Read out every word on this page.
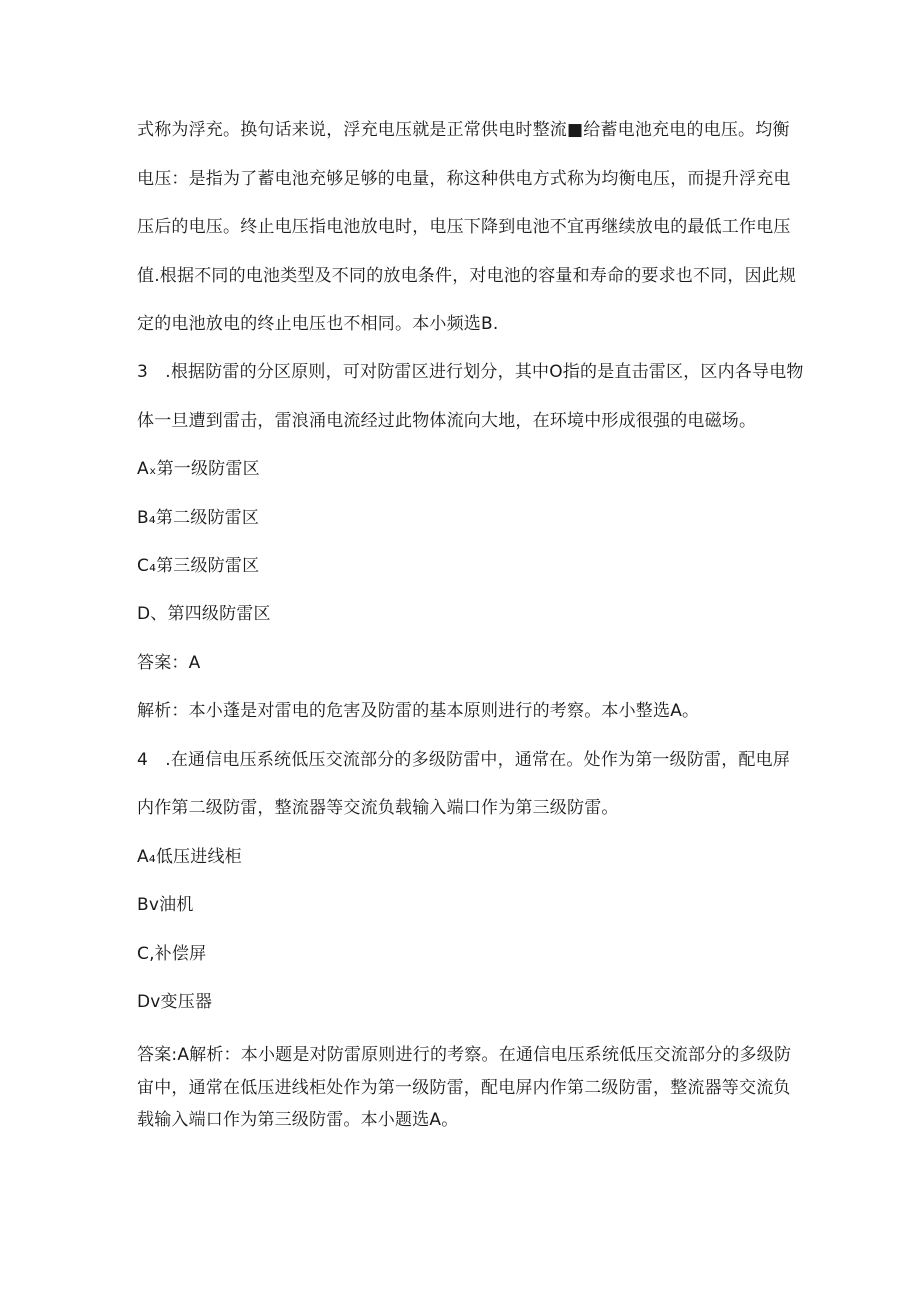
式称为浮充。换句话来说，浮充电压就是正常供电时整流■给蓄电池充电的电压。均衡
电压：是指为了蓄电池充够足够的电量，称这种供电方式称为均衡电压，而提升浮充电
压后的电压。终止电压指电池放电时，电压下降到电池不宜再继续放电的最低工作电压
值.根据不同的电池类型及不同的放电条件，对电池的容量和寿命的要求也不同，因此规
定的电池放电的终止电压也不相同。本小频选B.
3　.根据防雷的分区原则，可对防雷区进行划分，其中O指的是直击雷区，区内各导电物
体一旦遭到雷击，雷浪涌电流经过此物体流向大地，在环境中形成很强的电磁场。
Aₓ第一级防雷区
B₄第二级防雷区
C₄第三级防雷区
D、第四级防雷区
答案：A
解析：本小蓬是对雷电的危害及防雷的基本原则进行的考察。本小整选A。
4　.在通信电压系统低压交流部分的多级防雷中，通常在。处作为第一级防雷，配电屏
内作第二级防雷，整流器等交流负载输入端口作为第三级防雷。
A₄低压进线柜
Bv油机
C,补偿屏
Dv变压器
答案:A解析：本小题是对防雷原则进行的考察。在通信电压系统低压交流部分的多级防
宙中，通常在低压进线柜处作为第一级防雷，配电屏内作第二级防雷，整流器等交流负
载输入端口作为第三级防雷。本小题选A。
